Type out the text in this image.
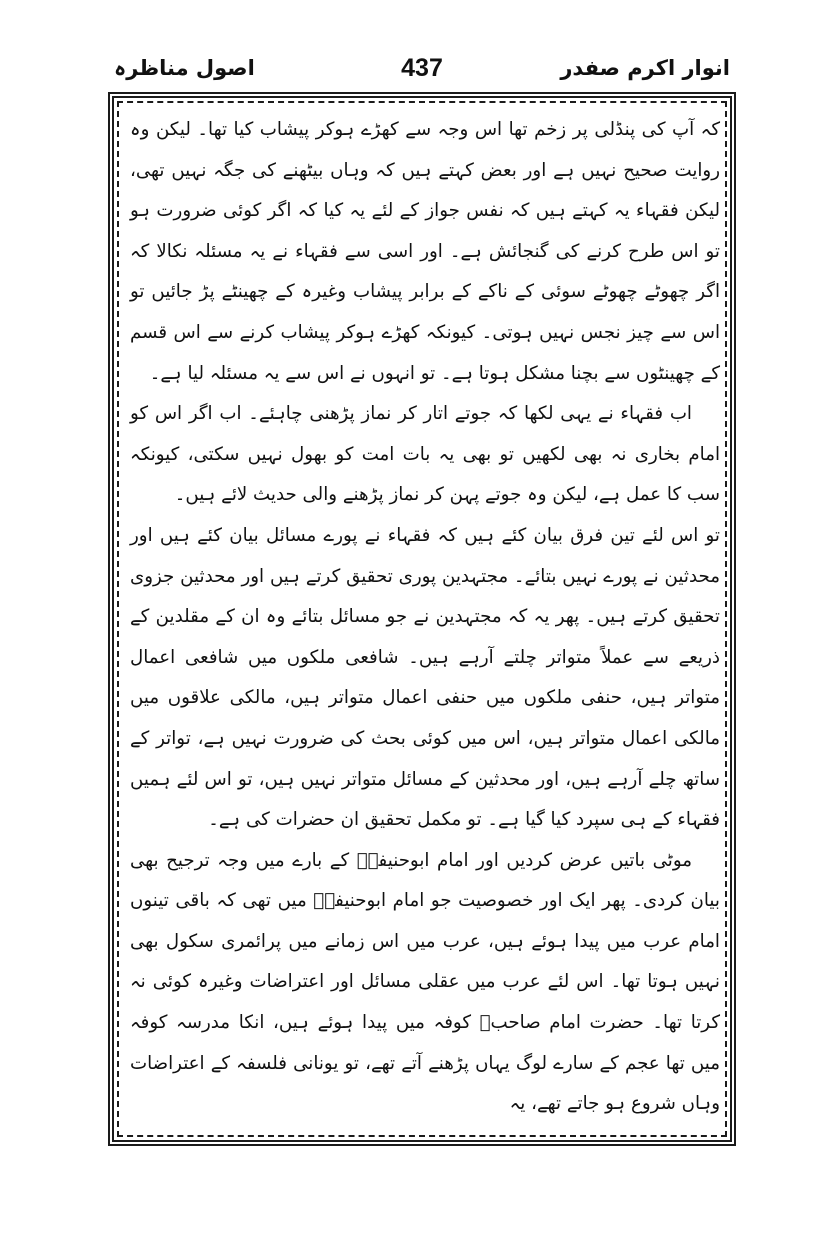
اصول مناظرہ	437	انوار اکرم صفدر

کہ آپ کی پنڈلی پر زخم تھا اس وجہ سے کھڑے ہوکر پیشاب کیا تھا۔ لیکن وہ روایت صحیح نہیں ہے اور بعض کہتے ہیں کہ وہاں بیٹھنے کی جگہ نہیں تھی، لیکن فقہاء یہ کہتے ہیں کہ نفس جواز کے لئے یہ کیا کہ اگر کوئی ضرورت ہو تو اس طرح کرنے کی گنجائش ہے۔ اور اسی سے فقہاء نے یہ مسئلہ نکالا کہ اگر چھوٹے چھوٹے سوئی کے ناکے کے برابر پیشاب وغیرہ کے چھینٹے پڑ جائیں تو اس سے چیز نجس نہیں ہوتی۔ کیونکہ کھڑے ہوکر پیشاب کرنے سے اس قسم کے چھینٹوں سے بچنا مشکل ہوتا ہے۔ تو انہوں نے اس سے یہ مسئلہ لیا ہے۔

اب فقہاء نے یہی لکھا کہ جوتے اتار کر نماز پڑھنی چاہئے۔ اب اگر اس کو امام بخاری نہ بھی لکھیں تو بھی یہ بات امت کو بھول نہیں سکتی، کیونکہ سب کا عمل ہے، لیکن وہ جوتے پہن کر نماز پڑھنے والی حدیث لائے ہیں۔

تو اس لئے تین فرق بیان کئے ہیں کہ فقہاء نے پورے مسائل بیان کئے ہیں اور محدثین نے پورے نہیں بتائے۔ مجتہدین پوری تحقیق کرتے ہیں اور محدثین جزوی تحقیق کرتے ہیں۔ پھر یہ کہ مجتہدین نے جو مسائل بتائے وہ ان کے مقلدین کے ذریعے سے عملاً متواتر چلتے آرہے ہیں۔ شافعی ملکوں میں شافعی اعمال متواتر ہیں، حنفی ملکوں میں حنفی اعمال متواتر ہیں، مالکی علاقوں میں مالکی اعمال متواتر ہیں، اس میں کوئی بحث کی ضرورت نہیں ہے، تواتر کے ساتھ چلے آرہے ہیں، اور محدثین کے مسائل متواتر نہیں ہیں، تو اس لئے ہمیں فقہاء کے ہی سپرد کیا گیا ہے۔ تو مکمل تحقیق ان حضرات کی ہے۔

موٹی باتیں عرض کردیں اور امام ابوحنیفہؒ کے بارے میں وجہ ترجیح بھی بیان کردی۔ پھر ایک اور خصوصیت جو امام ابوحنیفہؒ میں تھی کہ باقی تینوں امام عرب میں پیدا ہوئے ہیں، عرب میں اس زمانے میں پرائمری سکول بھی نہیں ہوتا تھا۔ اس لئے عرب میں عقلی مسائل اور اعتراضات وغیرہ کوئی نہ کرتا تھا۔ حضرت امام صاحبؒ کوفہ میں پیدا ہوئے ہیں، انکا مدرسہ کوفہ میں تھا عجم کے سارے لوگ یہاں پڑھنے آتے تھے، تو یونانی فلسفہ کے اعتراضات وہاں شروع ہو جاتے تھے، یہ
